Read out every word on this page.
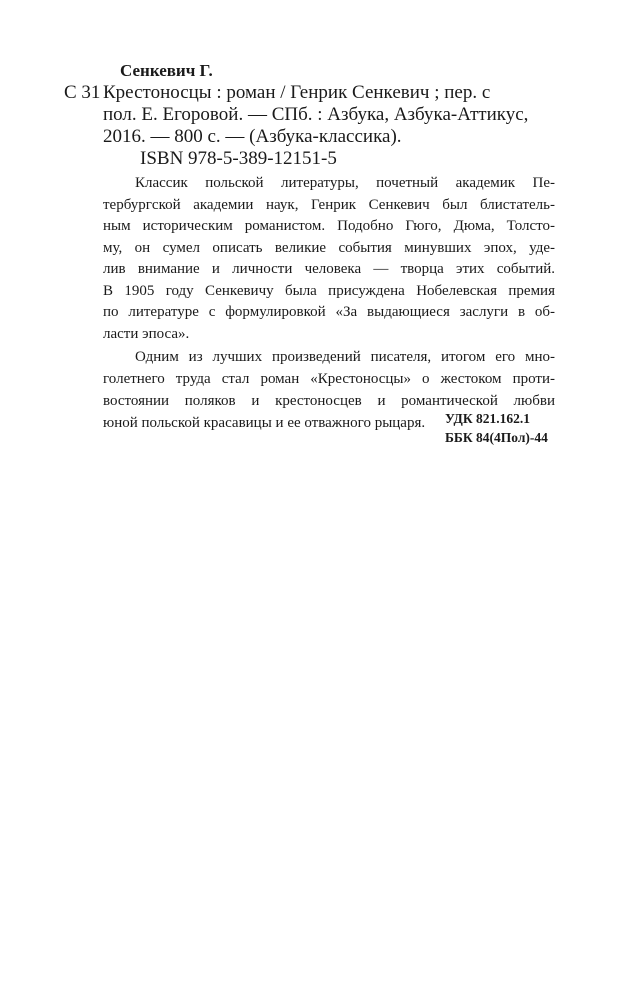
Сенкевич Г.
С 31 Крестоносцы : роман / Генрик Сенкевич ; пер. с
пол. Е. Егоровой. — СПб. : Азбука, Азбука-Аттикус,
2016. — 800 с. — (Азбука-классика).
ISBN 978-5-389-12151-5
Классик польской литературы, почетный академик Пе-
тербургской академии наук, Генрик Сенкевич был блистатель-
ным историческим романистом. Подобно Гюго, Дюма, Толсто-
му, он сумел описать великие события минувших эпох, уде-
лив внимание и личности человека — творца этих событий.
В 1905 году Сенкевичу была присуждена Нобелевская премия
по литературе с формулировкой «За выдающиеся заслуги в об-
ласти эпоса».
Одним из лучших произведений писателя, итогом его мно-
голетнего труда стал роман «Крестоносцы» о жестоком проти-
востоянии поляков и крестоносцев и романтической любви
юной польской красавицы и ее отважного рыцаря.	УДК 821.162.1
ББК 84(4Пол)-44
